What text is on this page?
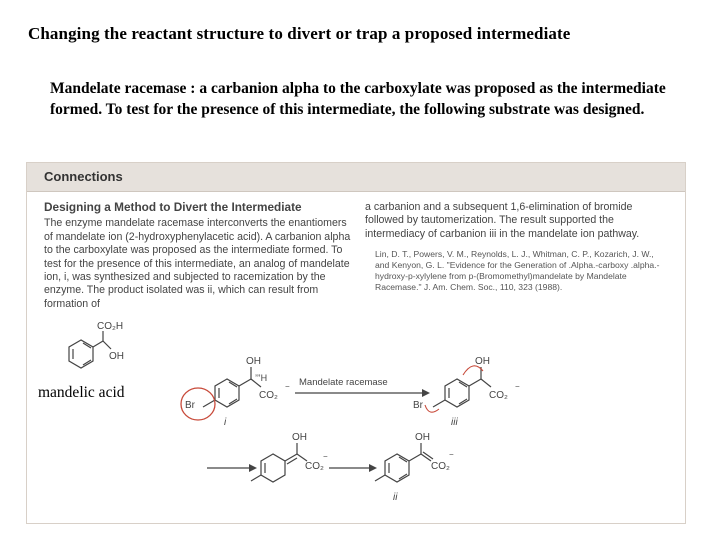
Changing the reactant structure to divert or trap a proposed intermediate
Mandelate racemase : a carbanion alpha to the carboxylate was proposed as the intermediate formed. To test for the presence of this intermediate, the following substrate was designed.
Connections
Designing a Method to Divert the Intermediate
The enzyme mandelate racemase interconverts the enantiomers of mandelate ion (2-hydroxyphenylacetic acid). A carbanion alpha to the carboxylate was proposed as the intermediate formed. To test for the presence of this intermediate, an analog of mandelate ion, i, was synthesized and subjected to racemization by the enzyme. The product isolated was ii, which can result from formation of
a carbanion and a subsequent 1,6-elimination of bromide followed by tautomerization. The result supported the intermediacy of carbanion iii in the mandelate ion pathway.
Lin, D. T., Powers, V. M., Reynolds, L. J., Whitman, C. P., Kozarich, J. W., and Kenyon, G. L. "Evidence for the Generation of .Alpha.-carboxy .alpha.-hydroxy-p-xylylene from p-(Bromomethyl)mandelate by Mandelate Racemase." J. Am. Chem. Soc., 110, 323 (1988).
CO₂H
OH	OH
’’’H
CO₂
−
Br
i
Mandelate racemase
OH
CO₂
−
Br
iii
OH
CO₂
−
OH
CO₂
−
ii
mandelic acid
